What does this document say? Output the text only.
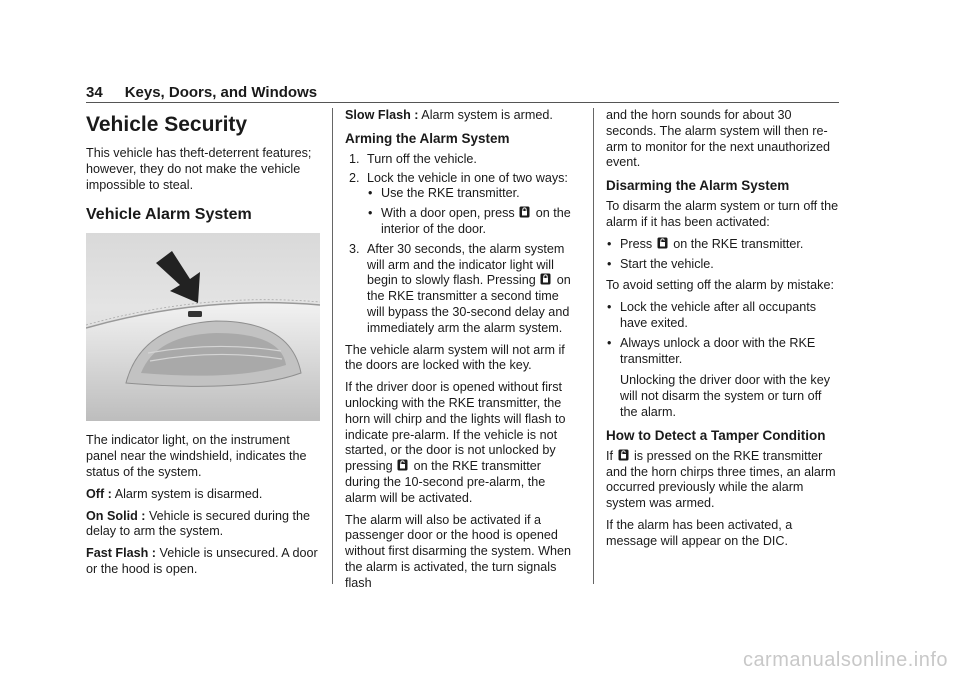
34 Keys, Doors, and Windows
Vehicle Security

This vehicle has theft-deterrent features; however, they do not make the vehicle impossible to steal.

Vehicle Alarm System

The indicator light, on the instrument panel near the windshield, indicates the status of the system.

Off : Alarm system is disarmed.

On Solid : Vehicle is secured during the delay to arm the system.

Fast Flash : Vehicle is unsecured. A door or the hood is open.

Slow Flash : Alarm system is armed.

Arming the Alarm System
1. Turn off the vehicle.
2. Lock the vehicle in one of two ways:
• Use the RKE transmitter.
• With a door open, press  on the interior of the door.
3. After 30 seconds, the alarm system will arm and the indicator light will begin to slowly flash. Pressing  on the RKE transmitter a second time will bypass the 30-second delay and immediately arm the alarm system.

The vehicle alarm system will not arm if the doors are locked with the key.

If the driver door is opened without first unlocking with the RKE transmitter, the horn will chirp and the lights will flash to indicate pre-alarm. If the vehicle is not started, or the door is not unlocked by pressing  on the RKE transmitter during the 10-second pre-alarm, the alarm will be activated.

The alarm will also be activated if a passenger door or the hood is opened without first disarming the system. When the alarm is activated, the turn signals flash

and the horn sounds for about 30 seconds. The alarm system will then re-arm to monitor for the next unauthorized event.

Disarming the Alarm System

To disarm the alarm system or turn off the alarm if it has been activated:

• Press  on the RKE transmitter.
• Start the vehicle.

To avoid setting off the alarm by mistake:

• Lock the vehicle after all occupants have exited.
• Always unlock a door with the RKE transmitter.

Unlocking the driver door with the key will not disarm the system or turn off the alarm.

How to Detect a Tamper Condition

If  is pressed on the RKE transmitter and the horn chirps three times, an alarm occurred previously while the alarm system was armed.

If the alarm has been activated, a message will appear on the DIC.

carmanualsonline.info
